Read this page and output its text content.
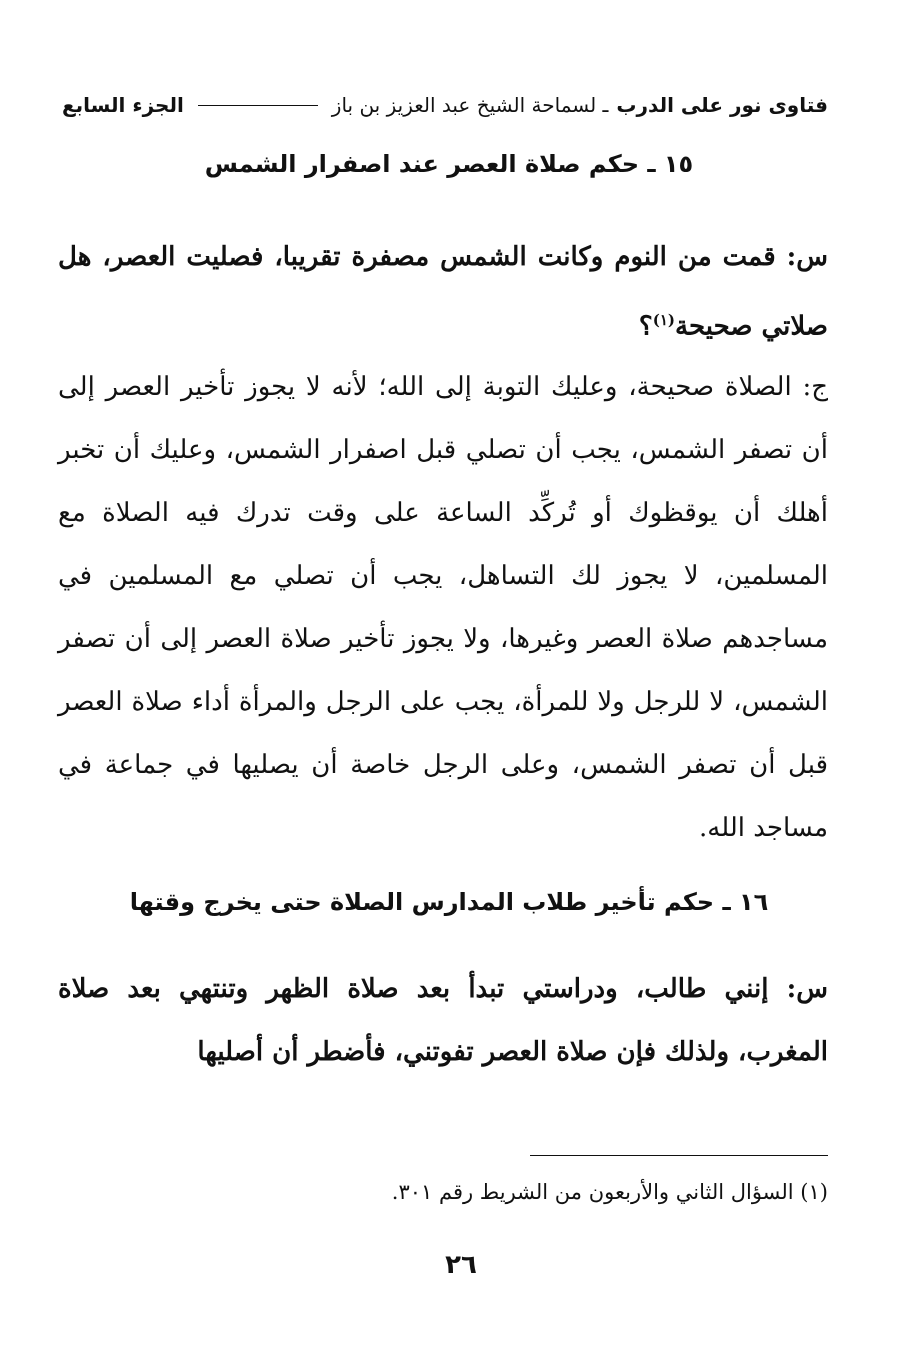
فتاوى نور على الدرب
ـ لسماحة الشيخ عبد العزيز بن باز
الجزء السابع
١٥ ـ حكم صلاة العصر عند اصفرار الشمس

س: قمت من النوم وكانت الشمس مصفرة تقريبا، فصليت العصر، هل صلاتي صحيحة$^{(١)}$؟

ج: الصلاة صحيحة، وعليك التوبة إلى الله؛ لأنه لا يجوز تأخير العصر إلى أن تصفر الشمس، يجب أن تصلي قبل اصفرار الشمس، وعليك أن تخبر أهلك أن يوقظوك أو تُركِّد الساعة على وقت تدرك فيه الصلاة مع المسلمين، لا يجوز لك التساهل، يجب أن تصلي مع المسلمين في مساجدهم صلاة العصر وغيرها، ولا يجوز تأخير صلاة العصر إلى أن تصفر الشمس، لا للرجل ولا للمرأة، يجب على الرجل والمرأة أداء صلاة العصر قبل أن تصفر الشمس، وعلى الرجل خاصة أن يصليها في جماعة في مساجد الله.

١٦ ـ حكم تأخير طلاب المدارس الصلاة حتى يخرج وقتها

س: إنني طالب، ودراستي تبدأ بعد صلاة الظهر وتنتهي بعد صلاة المغرب، ولذلك فإن صلاة العصر تفوتني، فأضطر أن أصليها

(١) السؤال الثاني والأربعون من الشريط رقم ٣٠١.
٢٦
